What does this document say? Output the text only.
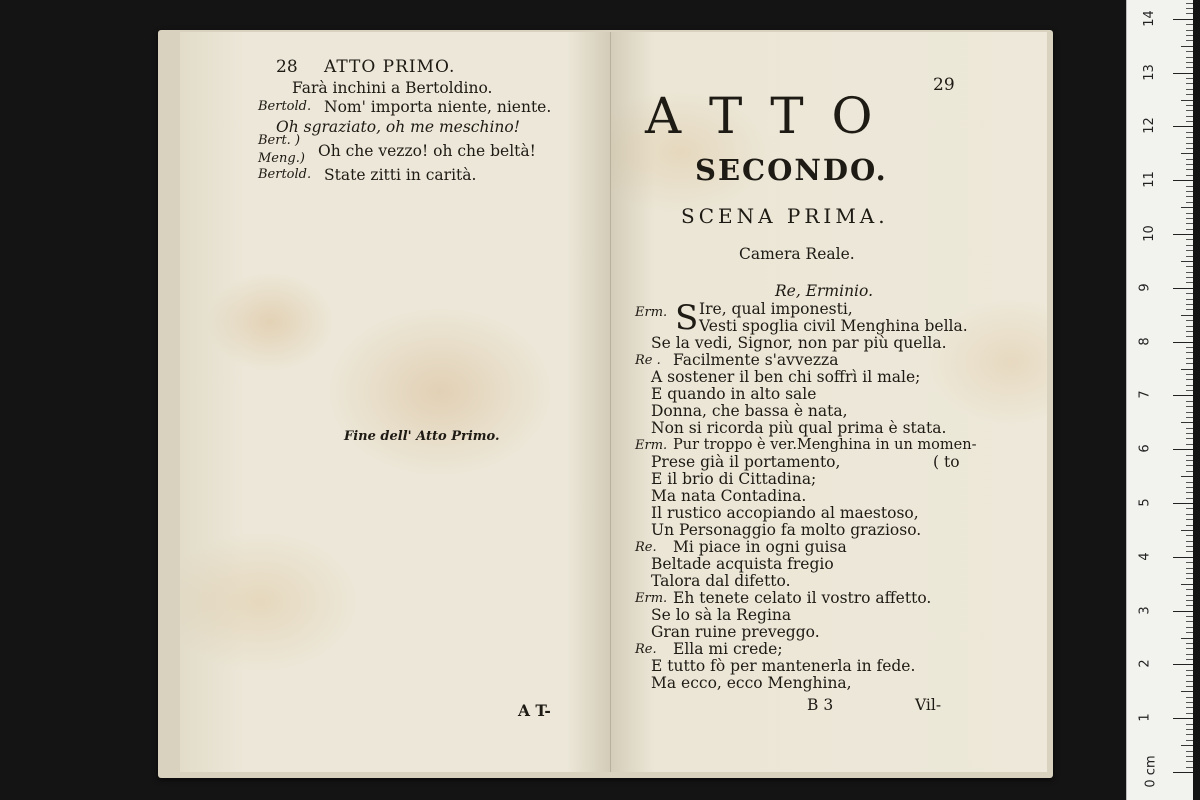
28 ATTO PRIMO.
Farà inchini a Bertoldino.
Bertold. Nom' importa niente, niente.
Oh sgraziato, oh me meschino!
Bert. )
Oh che vezzo! oh che beltà!
Meng.)
Bertold. State zitti in carità.
Fine dell' Atto Primo.
A T-
29
A T T O
SECONDO.
SCENA PRIMA.
Camera Reale.
Re, Erminio.
Erm. S Ire, qual imponesti,
Vesti spoglia civil Menghina bella.
Se la vedi, Signor, non par più quella.
Re . Facilmente s'avvezza
A sostener il ben chi soffrì il male;
E quando in alto sale
Donna, che bassa è nata,
Non si ricorda più qual prima è stata.
Erm. Pur troppo è ver.Menghina in un momen-
Prese già il portamento,	( to
E il brio di Cittadina;
Ma nata Contadina.
Il rustico accopiando al maestoso,
Un Personaggio fa molto grazioso.
Re. Mi piace in ogni guisa
Beltade acquista fregio
Talora dal difetto.
Erm. Eh tenete celato il vostro affetto.
Se lo sà la Regina
Gran ruine preveggo.
Re. Ella mi crede;
E tutto fò per mantenerla in fede.
Ma ecco, ecco Menghina,
B 3	Vil-
0 cm
1
2
3
4
5
6
7
8
9
10
11
12
13
14
